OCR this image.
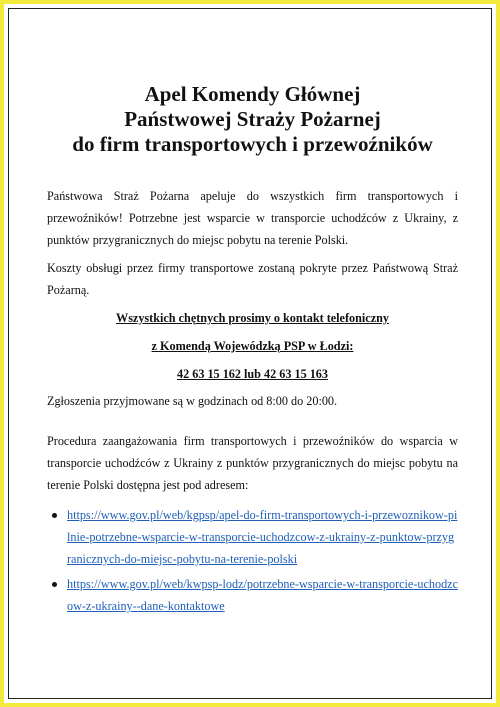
Apel Komendy Głównej
Państwowej Straży Pożarnej
do firm transportowych i przewoźników

Państwowa Straż Pożarna apeluje do wszystkich firm transportowych i przewoźników! Potrzebne jest wsparcie w transporcie uchodźców z Ukrainy, z punktów przygranicznych do miejsc pobytu na terenie Polski.

Koszty obsługi przez firmy transportowe zostaną pokryte przez Państwową Straż Pożarną.

Wszystkich chętnych prosimy o kontakt telefoniczny
z Komendą Wojewódzką PSP w Łodzi:
42 63 15 162 lub 42 63 15 163

Zgłoszenia przyjmowane są w godzinach od 8:00 do 20:00.

Procedura zaangażowania firm transportowych i przewoźników do wsparcia w transporcie uchodźców z Ukrainy z punktów przygranicznych do miejsc pobytu na terenie Polski dostępna jest pod adresem:

https://www.gov.pl/web/kgpsp/apel-do-firm-transportowych-i-przewoznikow-pilnie-potrzebne-wsparcie-w-transporcie-uchodzcow-z-ukrainy-z-punktow-przygranicznych-do-miejsc-pobytu-na-terenie-polski
https://www.gov.pl/web/kwpsp-lodz/potrzebne-wsparcie-w-transporcie-uchodzcow-z-ukrainy--dane-kontaktowe
